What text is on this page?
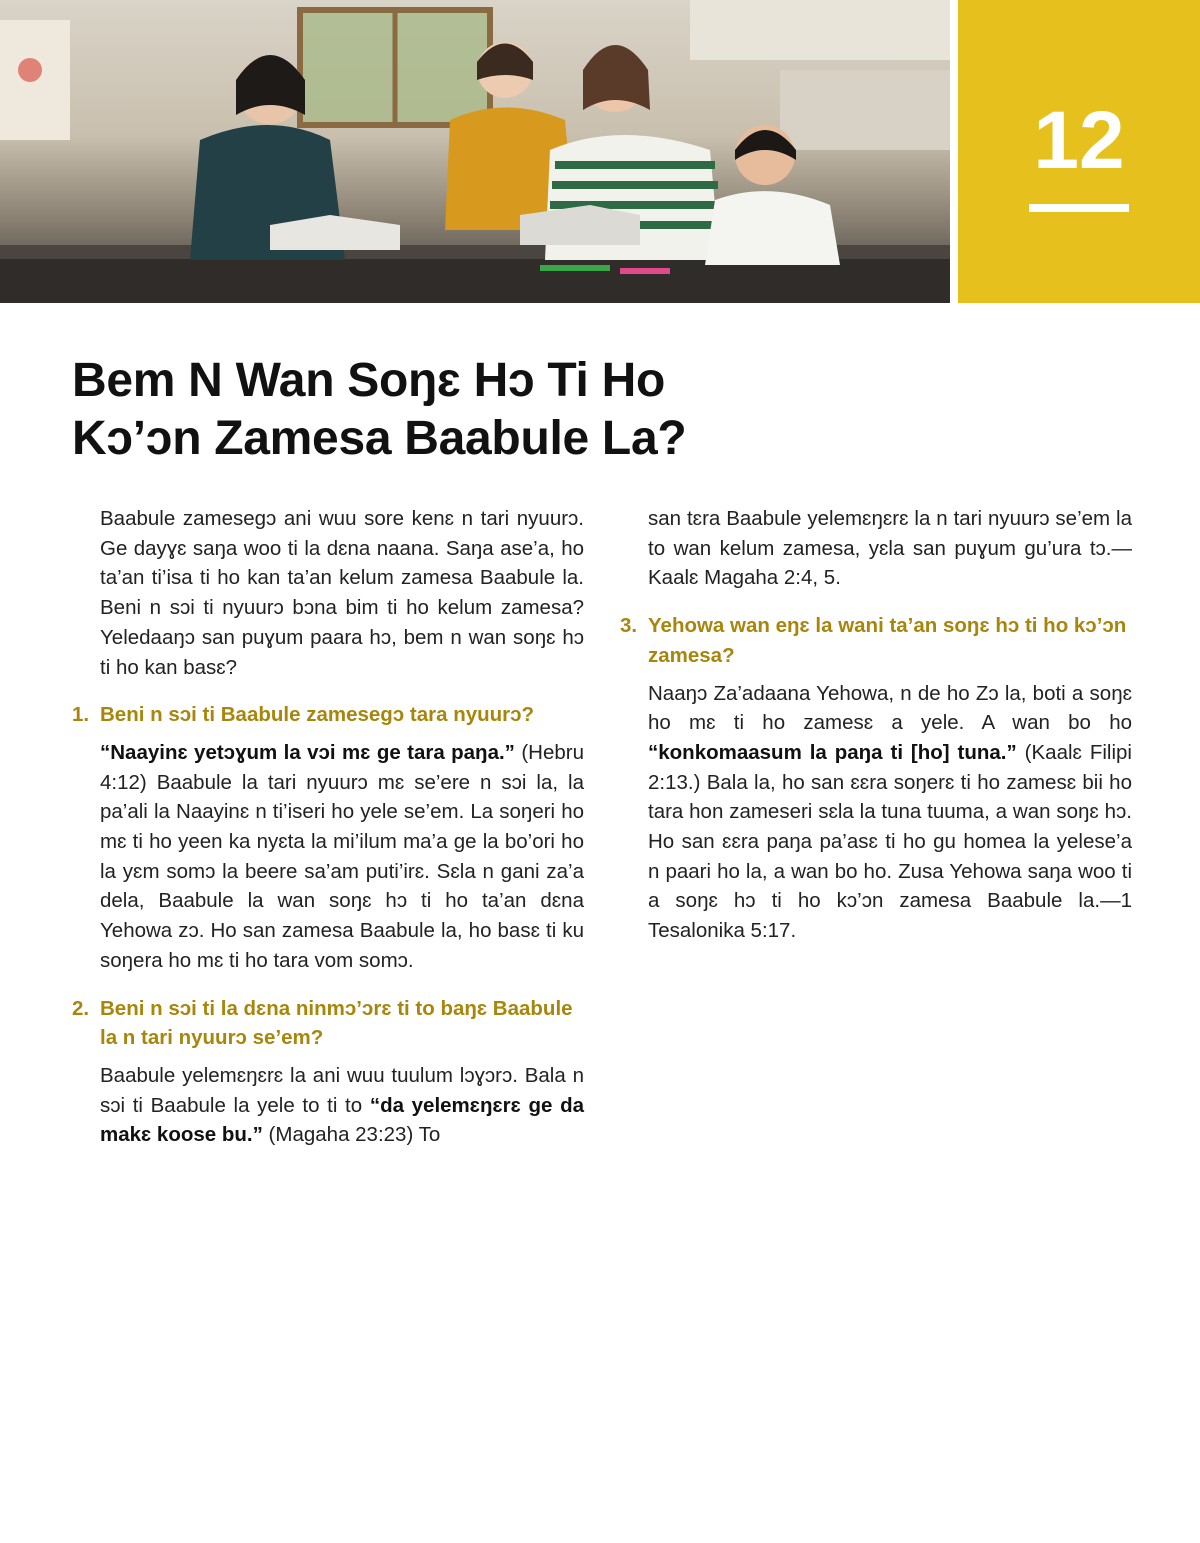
12
Bem N Wan Soŋɛ Hɔ Ti Ho
Kɔ’ɔn Zamesa Baabule La?

Baabule zamesegɔ ani wuu sore kenɛ n tari nyuurɔ. Ge dayɣɛ saŋa woo ti la dɛna naana. Saŋa ase’a, ho ta’an ti’isa ti ho kan ta’an kelum zamesa Baabule la. Beni n sɔi ti nyuurɔ bɔna bim ti ho kelum zamesa? Yeledaaŋɔ san puɣum paara hɔ, bem n wan soŋɛ hɔ ti ho kan basɛ?

1. Beni n sɔi ti Baabule zamesegɔ tara nyuurɔ?

“Naayinɛ yetɔɣum la vɔi mɛ ge tara paŋa.” (Hebru 4:12) Baabule la tari nyuurɔ mɛ se’ere n sɔi la, la pa’ali la Naayinɛ n ti’iseri ho yele se’em. La soŋeri ho mɛ ti ho yeen ka nyɛta la mi’ilum ma’a ge la bo’ori ho la yɛm somɔ la beere sa’am puti’irɛ. Sɛla n gani za’a dela, Baabule la wan soŋɛ hɔ ti ho ta’an dɛna Yehowa zɔ. Ho san zamesa Baabule la, ho basɛ ti ku soŋera ho mɛ ti ho tara vom somɔ.

2. Beni n sɔi ti la dɛna ninmɔ’ɔrɛ ti to baŋɛ Baabule la n tari nyuurɔ se’em?

Baabule yelemɛŋɛrɛ la ani wuu tuulum lɔɣɔrɔ. Bala n sɔi ti Baabule la yele to ti to “da yelemɛŋɛrɛ ge da makɛ koose bu.” (Magaha 23:23) To

san tɛra Baabule yelemɛŋɛrɛ la n tari nyuurɔ se’em la to wan kelum zamesa, yɛla san puɣum gu’ura tɔ.—Kaalɛ Magaha 2:4, 5.

3. Yehowa wan eŋɛ la wani ta’an soŋɛ hɔ ti ho kɔ’ɔn zamesa?

Naaŋɔ Za’adaana Yehowa, n de ho Zɔ la, boti a soŋɛ ho mɛ ti ho zamesɛ a yele. A wan bo ho “konkomaasum la paŋa ti [ho] tuna.” (Kaalɛ Filipi 2:13.) Bala la, ho san ɛɛra soŋerɛ ti ho zamesɛ bii ho tara hon zameseri sɛla la tuna tuuma, a wan soŋɛ hɔ. Ho san ɛɛra paŋa pa’asɛ ti ho gu homea la yelese’a n paari ho la, a wan bo ho. Zusa Yehowa saŋa woo ti a soŋɛ hɔ ti ho kɔ’ɔn zamesa Baabule la.—1 Tesalonika 5:17.
